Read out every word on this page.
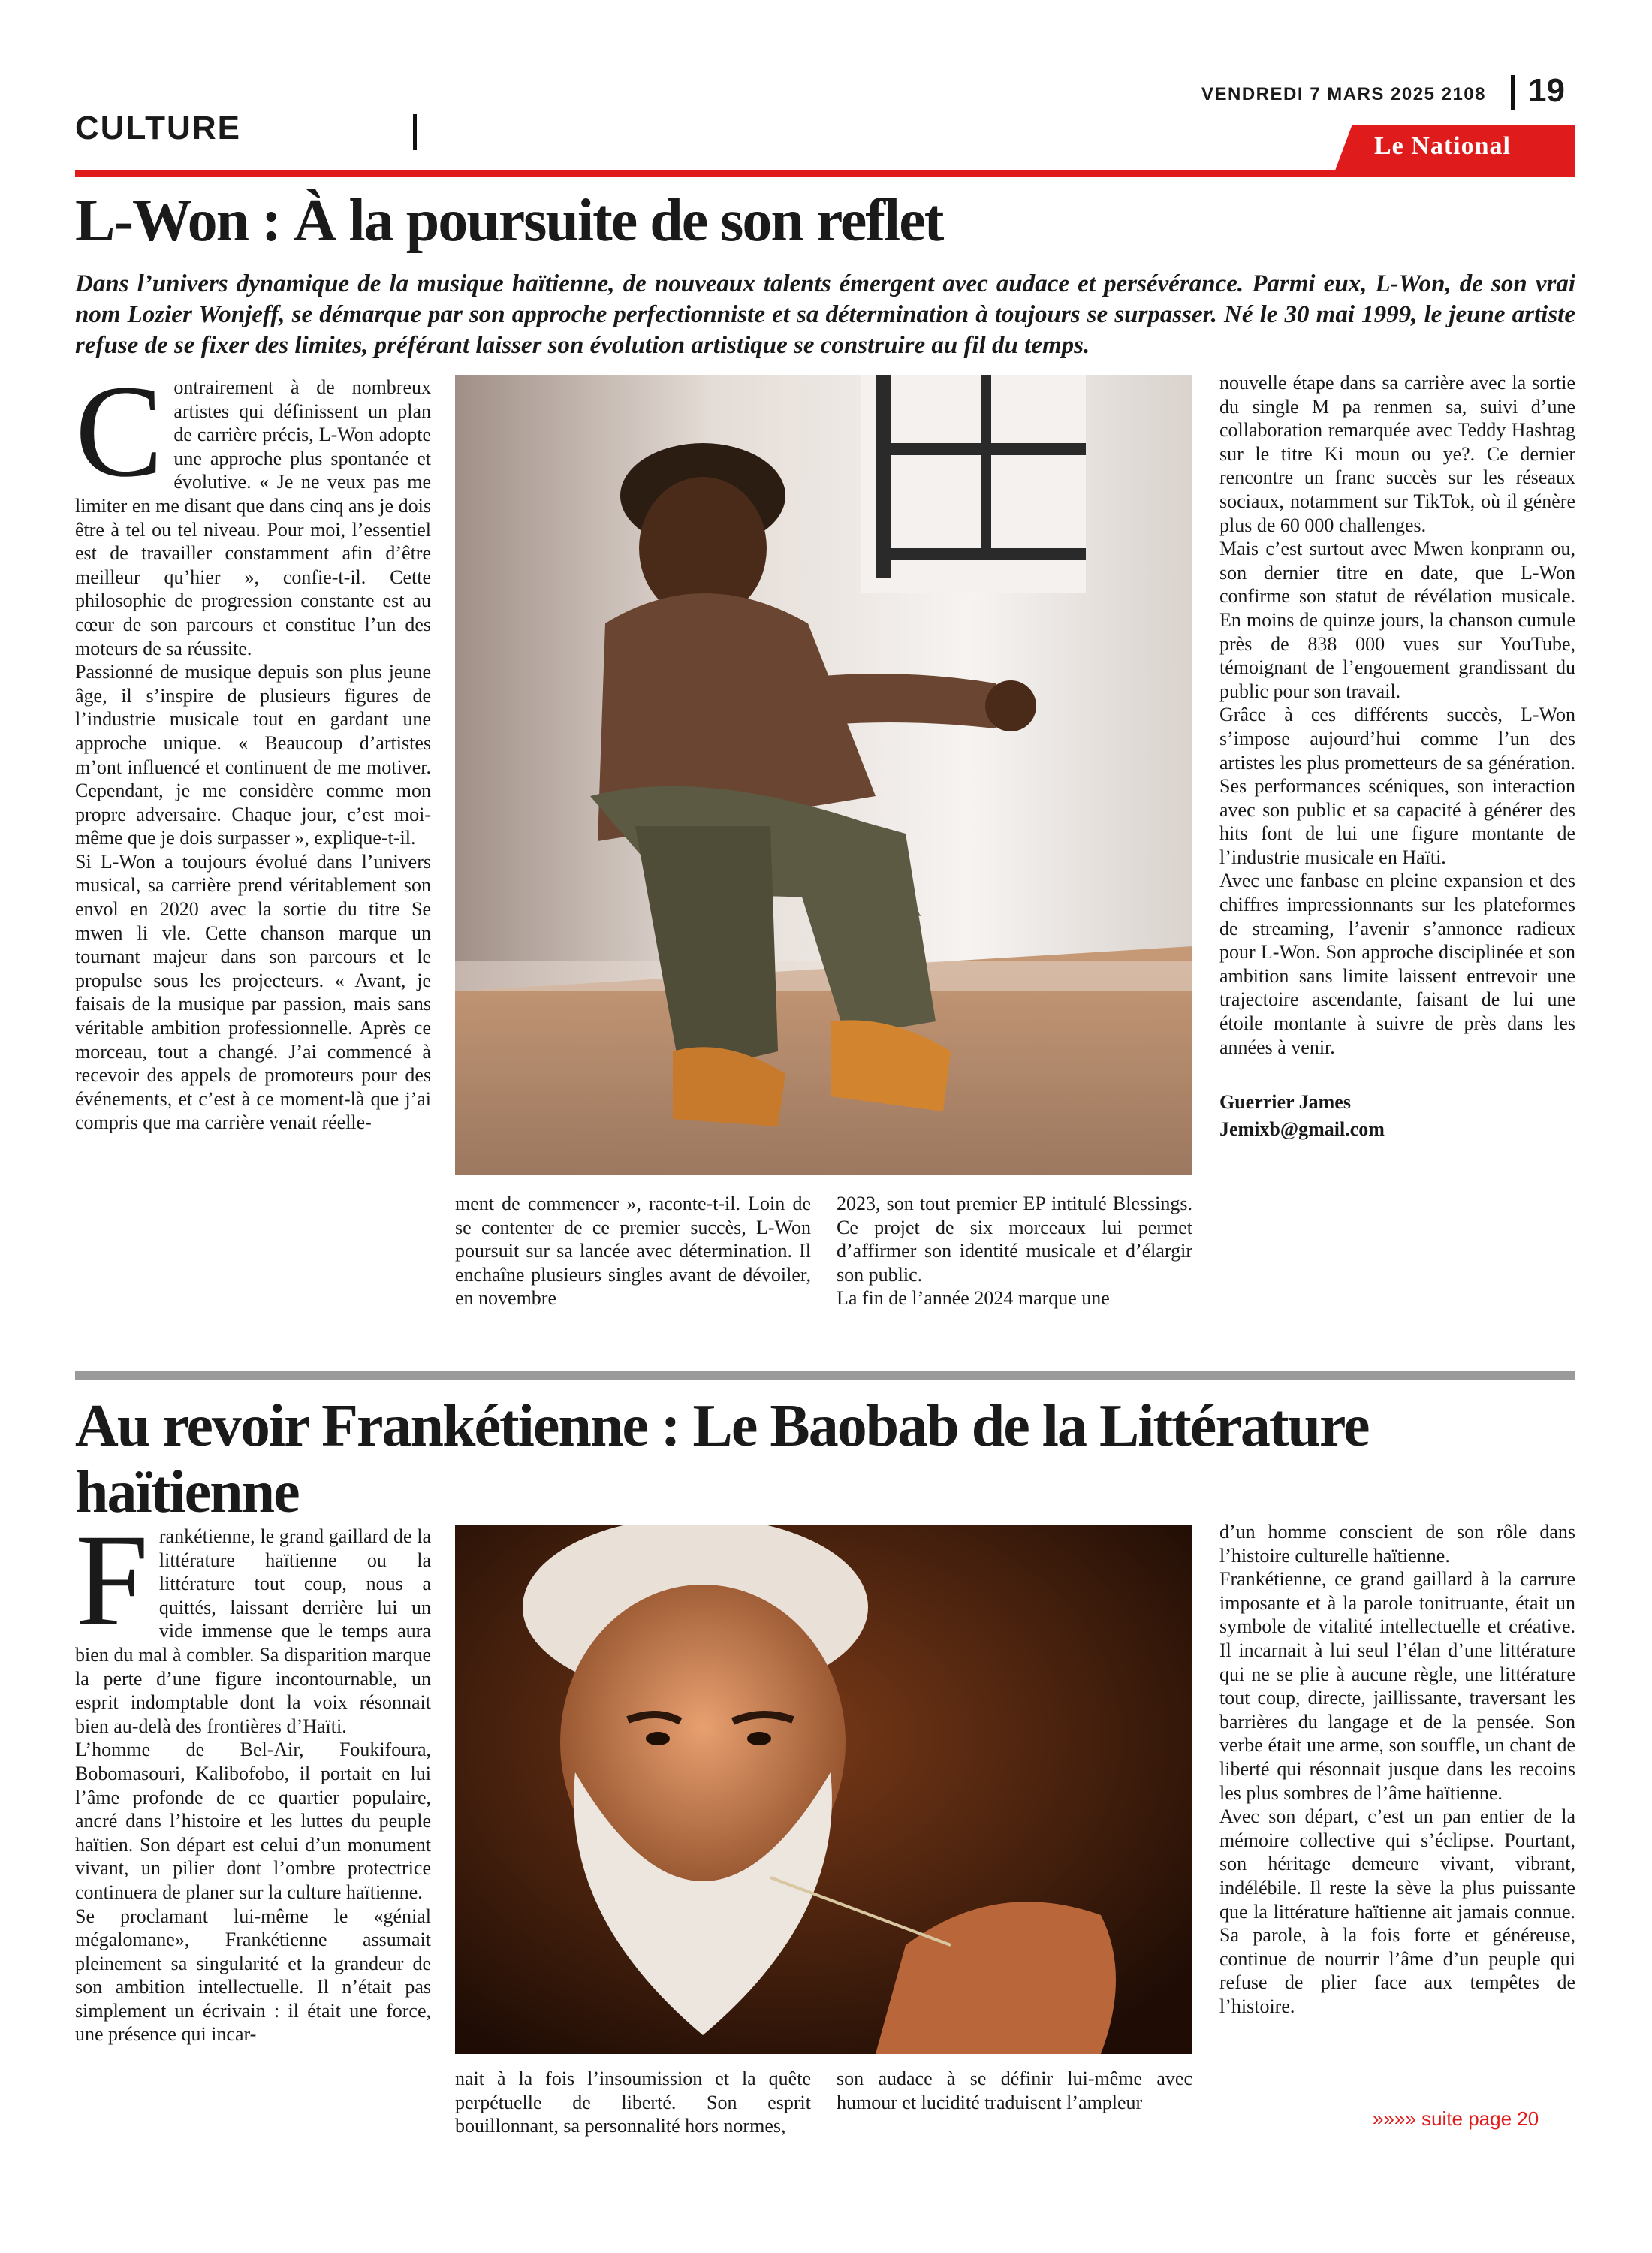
VENDREDI 7 MARS 2025 2108 19
CULTURE	Le National
L-Won : À la poursuite de son reflet
Dans l’univers dynamique de la musique haïtienne, de nouveaux talents émergent avec audace et persévérance. Parmi eux, L-Won, de son vrai nom Lozier Wonjeff, se démarque par son approche perfectionniste et sa détermination à toujours se surpasser. Né le 30 mai 1999, le jeune artiste refuse de se fixer des limites, préférant laisser son évolution artistique se construire au fil du temps.

Contrairement à de nombreux artistes qui définissent un plan de carrière précis, L-Won adopte une approche plus spontanée et évolutive. « Je ne veux pas me limiter en me disant que dans cinq ans je dois être à tel ou tel niveau. Pour moi, l’essentiel est de travailler constamment afin d’être meilleur qu’hier », confie-t-il. Cette philosophie de progression constante est au cœur de son parcours et constitue l’un des moteurs de sa réussite.

Passionné de musique depuis son plus jeune âge, il s’inspire de plusieurs figures de l’industrie musicale tout en gardant une approche unique. « Beaucoup d’artistes m’ont influencé et continuent de me motiver. Cependant, je me considère comme mon propre adversaire. Chaque jour, c’est moi-même que je dois surpasser », explique-t-il.

Si L-Won a toujours évolué dans l’univers musical, sa carrière prend véritablement son envol en 2020 avec la sortie du titre Se mwen li vle. Cette chanson marque un tournant majeur dans son parcours et le propulse sous les projecteurs. « Avant, je faisais de la musique par passion, mais sans véritable ambition professionnelle. Après ce morceau, tout a changé. J’ai commencé à recevoir des appels de promoteurs pour des événements, et c’est à ce moment-là que j’ai compris que ma carrière venait réelle-

ment de commencer », raconte-t-il. Loin de se contenter de ce premier succès, L-Won poursuit sur sa lancée avec détermination. Il enchaîne plusieurs singles avant de dévoiler, en novembre

2023, son tout premier EP intitulé Blessings. Ce projet de six morceaux lui permet d’affirmer son identité musicale et d’élargir son public.

La fin de l’année 2024 marque une

nouvelle étape dans sa carrière avec la sortie du single M pa renmen sa, suivi d’une collaboration remarquée avec Teddy Hashtag sur le titre Ki moun ou ye?. Ce dernier rencontre un franc succès sur les réseaux sociaux, notamment sur TikTok, où il génère plus de 60 000 challenges.

Mais c’est surtout avec Mwen konprann ou, son dernier titre en date, que L-Won confirme son statut de révélation musicale. En moins de quinze jours, la chanson cumule près de 838 000 vues sur YouTube, témoignant de l’engouement grandissant du public pour son travail.

Grâce à ces différents succès, L-Won s’impose aujourd’hui comme l’un des artistes les plus prometteurs de sa génération. Ses performances scéniques, son interaction avec son public et sa capacité à générer des hits font de lui une figure montante de l’industrie musicale en Haïti.

Avec une fanbase en pleine expansion et des chiffres impressionnants sur les plateformes de streaming, l’avenir s’annonce radieux pour L-Won. Son approche disciplinée et son ambition sans limite laissent entrevoir une trajectoire ascendante, faisant de lui une étoile montante à suivre de près dans les années à venir.

Guerrier James
Jemixb@gmail.com
Au revoir Frankétienne : Le Baobab de la Littérature haïtienne

Frankétienne, le grand gaillard de la littérature haïtienne ou la littérature tout coup, nous a quittés, laissant derrière lui un vide immense que le temps aura bien du mal à combler. Sa disparition marque la perte d’une figure incontournable, un esprit indomptable dont la voix résonnait bien au-delà des frontières d’Haïti.

L’homme de Bel-Air, Foukifoura, Bobomasouri, Kalibofobo, il portait en lui l’âme profonde de ce quartier populaire, ancré dans l’histoire et les luttes du peuple haïtien. Son départ est celui d’un monument vivant, un pilier dont l’ombre protectrice continuera de planer sur la culture haïtienne.

Se proclamant lui-même le «génial mégalomane», Frankétienne assumait pleinement sa singularité et la grandeur de son ambition intellectuelle. Il n’était pas simplement un écrivain : il était une force, une présence qui incar-

nait à la fois l’insoumission et la quête perpétuelle de liberté. Son esprit bouillonnant, sa personnalité hors normes,

son audace à se définir lui-même avec humour et lucidité traduisent l’ampleur

d’un homme conscient de son rôle dans l’histoire culturelle haïtienne.

Frankétienne, ce grand gaillard à la carrure imposante et à la parole tonitruante, était un symbole de vitalité intellectuelle et créative. Il incarnait à lui seul l’élan d’une littérature qui ne se plie à aucune règle, une littérature tout coup, directe, jaillissante, traversant les barrières du langage et de la pensée. Son verbe était une arme, son souffle, un chant de liberté qui résonnait jusque dans les recoins les plus sombres de l’âme haïtienne.

Avec son départ, c’est un pan entier de la mémoire collective qui s’éclipse. Pourtant, son héritage demeure vivant, vibrant, indélébile. Il reste la sève la plus puissante que la littérature haïtienne ait jamais connue. Sa parole, à la fois forte et généreuse, continue de nourrir l’âme d’un peuple qui refuse de plier face aux tempêtes de l’histoire.

»»»» suite page 20
